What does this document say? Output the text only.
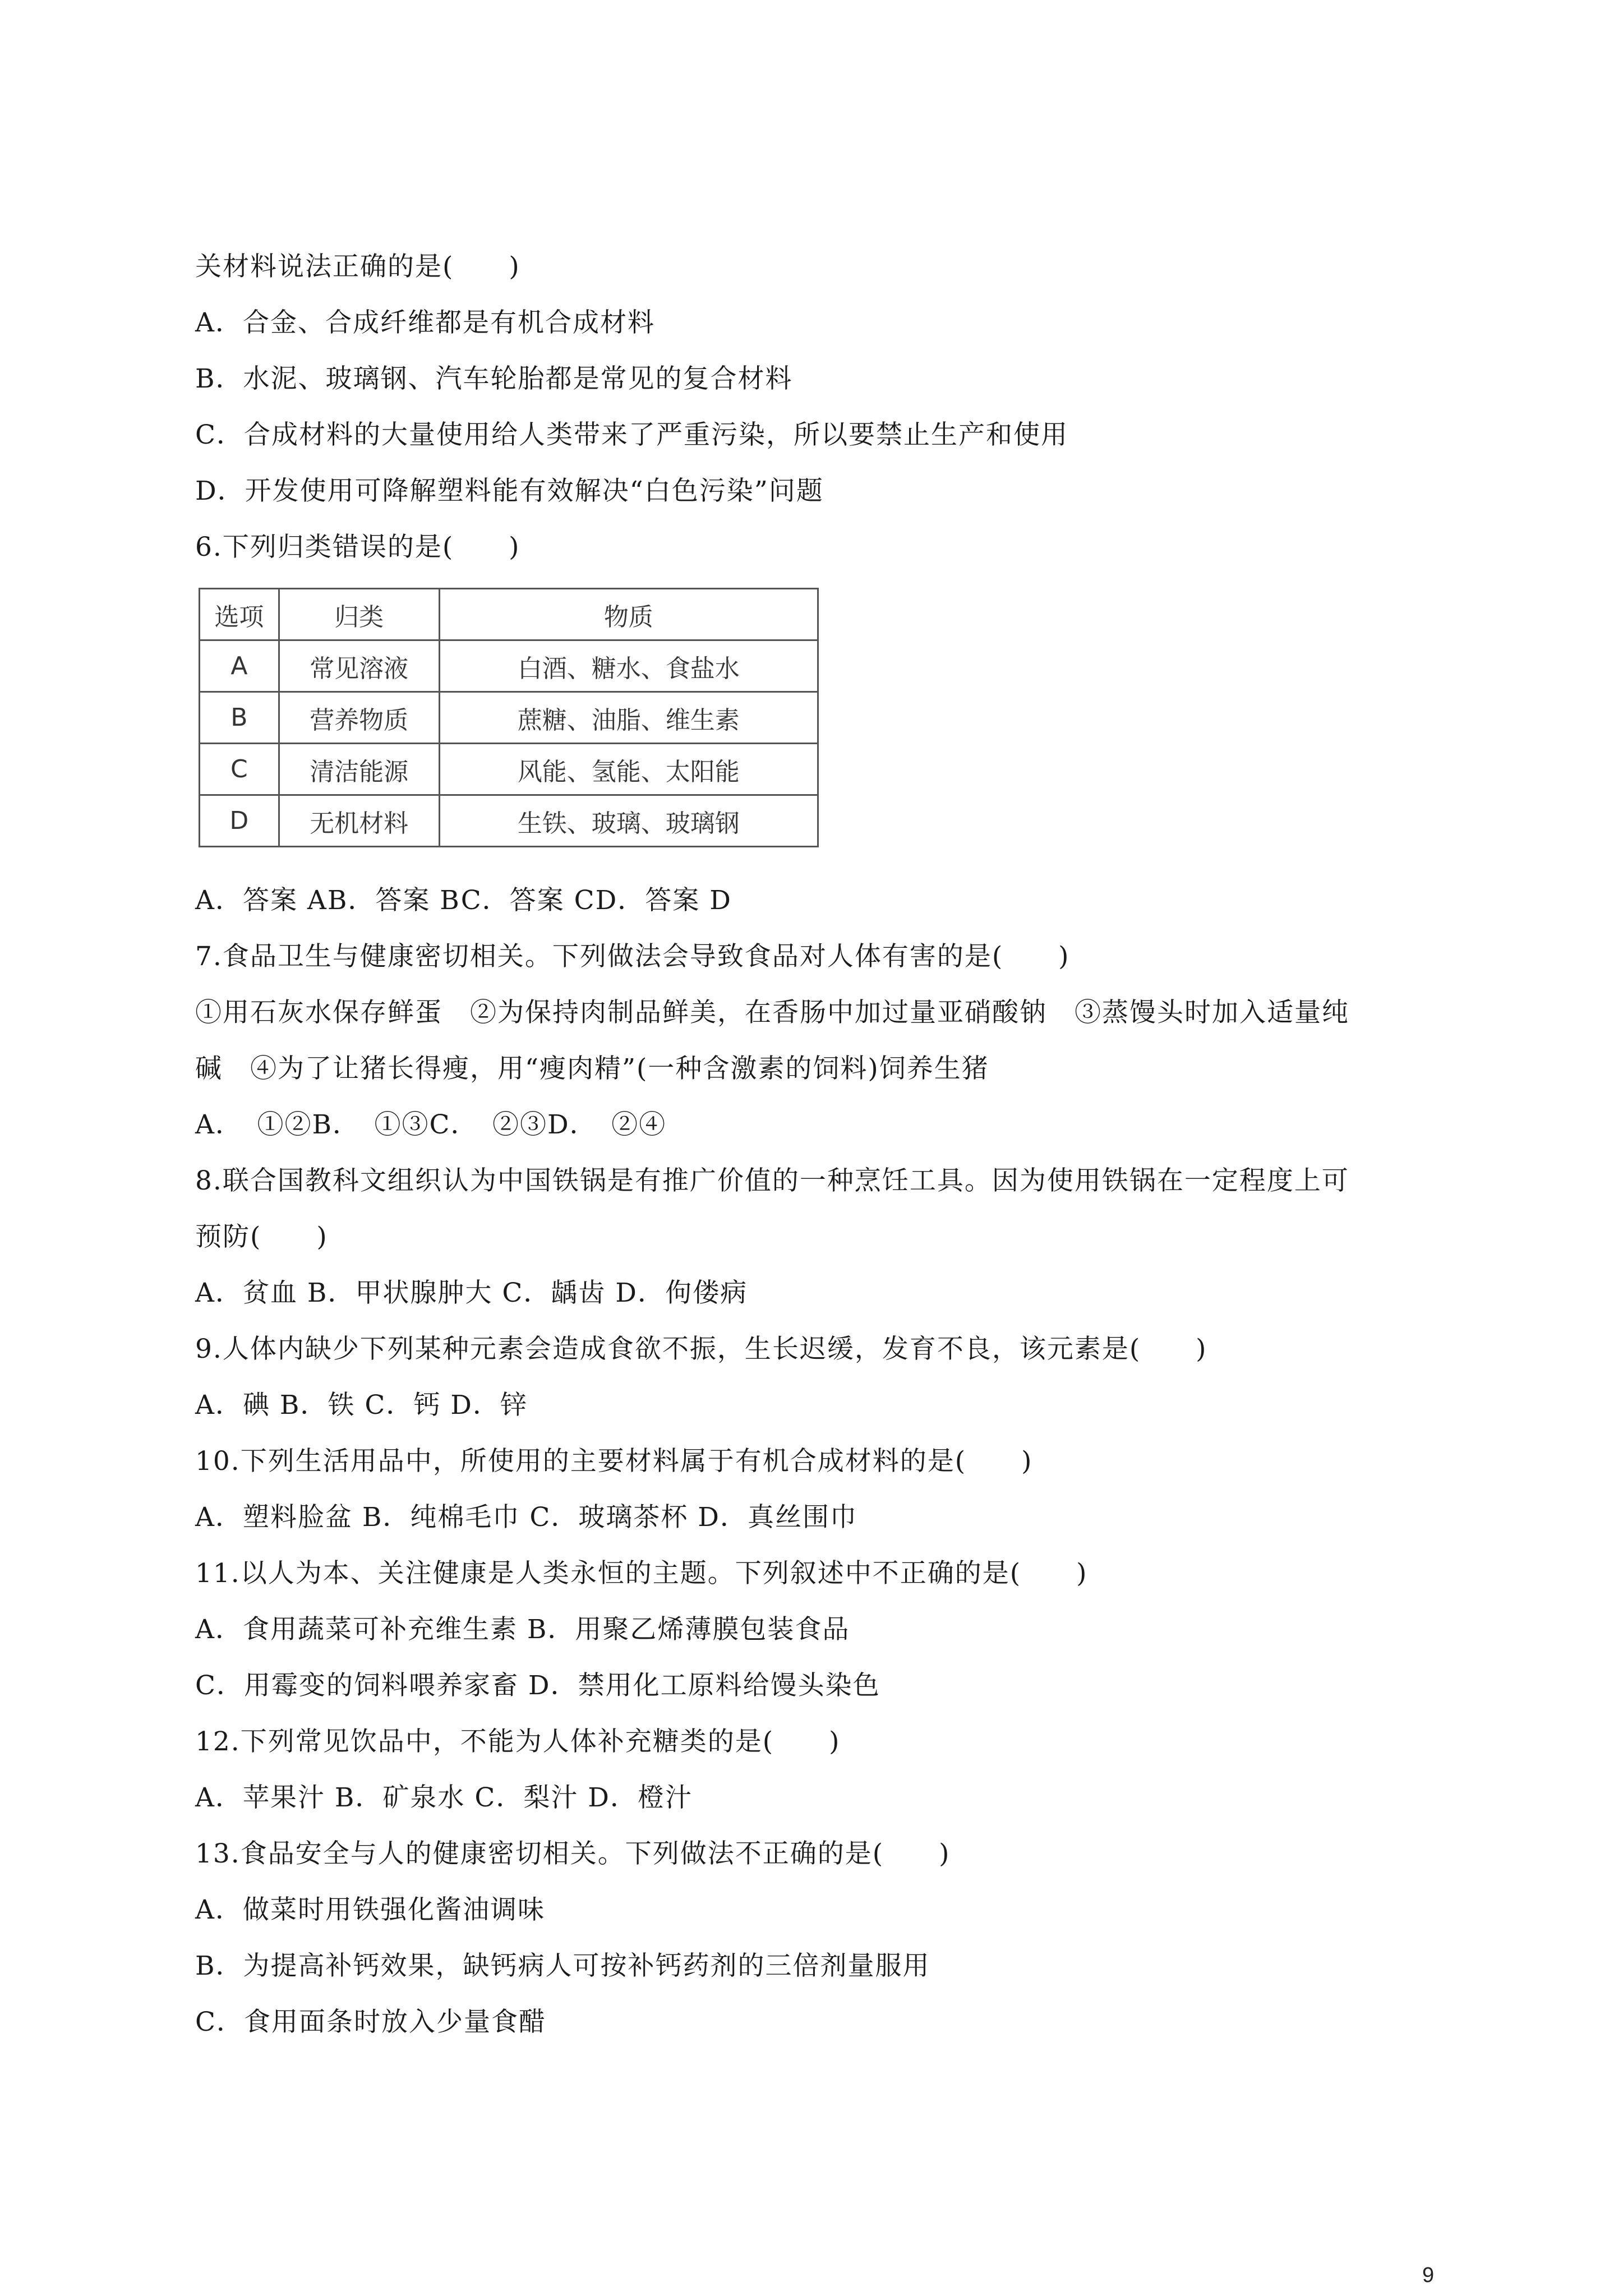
关材料说法正确的是(　　)
A．合金、合成纤维都是有机合成材料
B．水泥、玻璃钢、汽车轮胎都是常见的复合材料
C．合成材料的大量使用给人类带来了严重污染，所以要禁止生产和使用
D．开发使用可降解塑料能有效解决“白色污染”问题
6.下列归类错误的是(　　)
选项	归类	物质
A	常见溶液	白酒、糖水、食盐水
B	营养物质	蔗糖、油脂、维生素
C	清洁能源	风能、氢能、太阳能
D	无机材料	生铁、玻璃、玻璃钢
A．答案 AB．答案 BC．答案 CD．答案 D
7.食品卫生与健康密切相关。下列做法会导致食品对人体有害的是(　　)
①用石灰水保存鲜蛋　②为保持肉制品鲜美，在香肠中加过量亚硝酸钠　③蒸馒头时加入适量纯
碱　④为了让猪长得瘦，用“瘦肉精”(一种含激素的饲料)饲养生猪
A．　①②B．　①③C．　②③D．　②④
8.联合国教科文组织认为中国铁锅是有推广价值的一种烹饪工具。因为使用铁锅在一定程度上可
预防(　　)
A．贫血 B．甲状腺肿大 C．龋齿 D．佝偻病
9.人体内缺少下列某种元素会造成食欲不振，生长迟缓，发育不良，该元素是(　　)
A．碘 B．铁 C．钙 D．锌
10.下列生活用品中，所使用的主要材料属于有机合成材料的是(　　)
A．塑料脸盆 B．纯棉毛巾 C．玻璃茶杯 D．真丝围巾
11.以人为本、关注健康是人类永恒的主题。下列叙述中不正确的是(　　)
A．食用蔬菜可补充维生素 B．用聚乙烯薄膜包装食品
C．用霉变的饲料喂养家畜 D．禁用化工原料给馒头染色
12.下列常见饮品中，不能为人体补充糖类的是(　　)
A．苹果汁 B．矿泉水 C．梨汁 D．橙汁
13.食品安全与人的健康密切相关。下列做法不正确的是(　　)
A．做菜时用铁强化酱油调味
B．为提高补钙效果，缺钙病人可按补钙药剂的三倍剂量服用
C．食用面条时放入少量食醋
9
